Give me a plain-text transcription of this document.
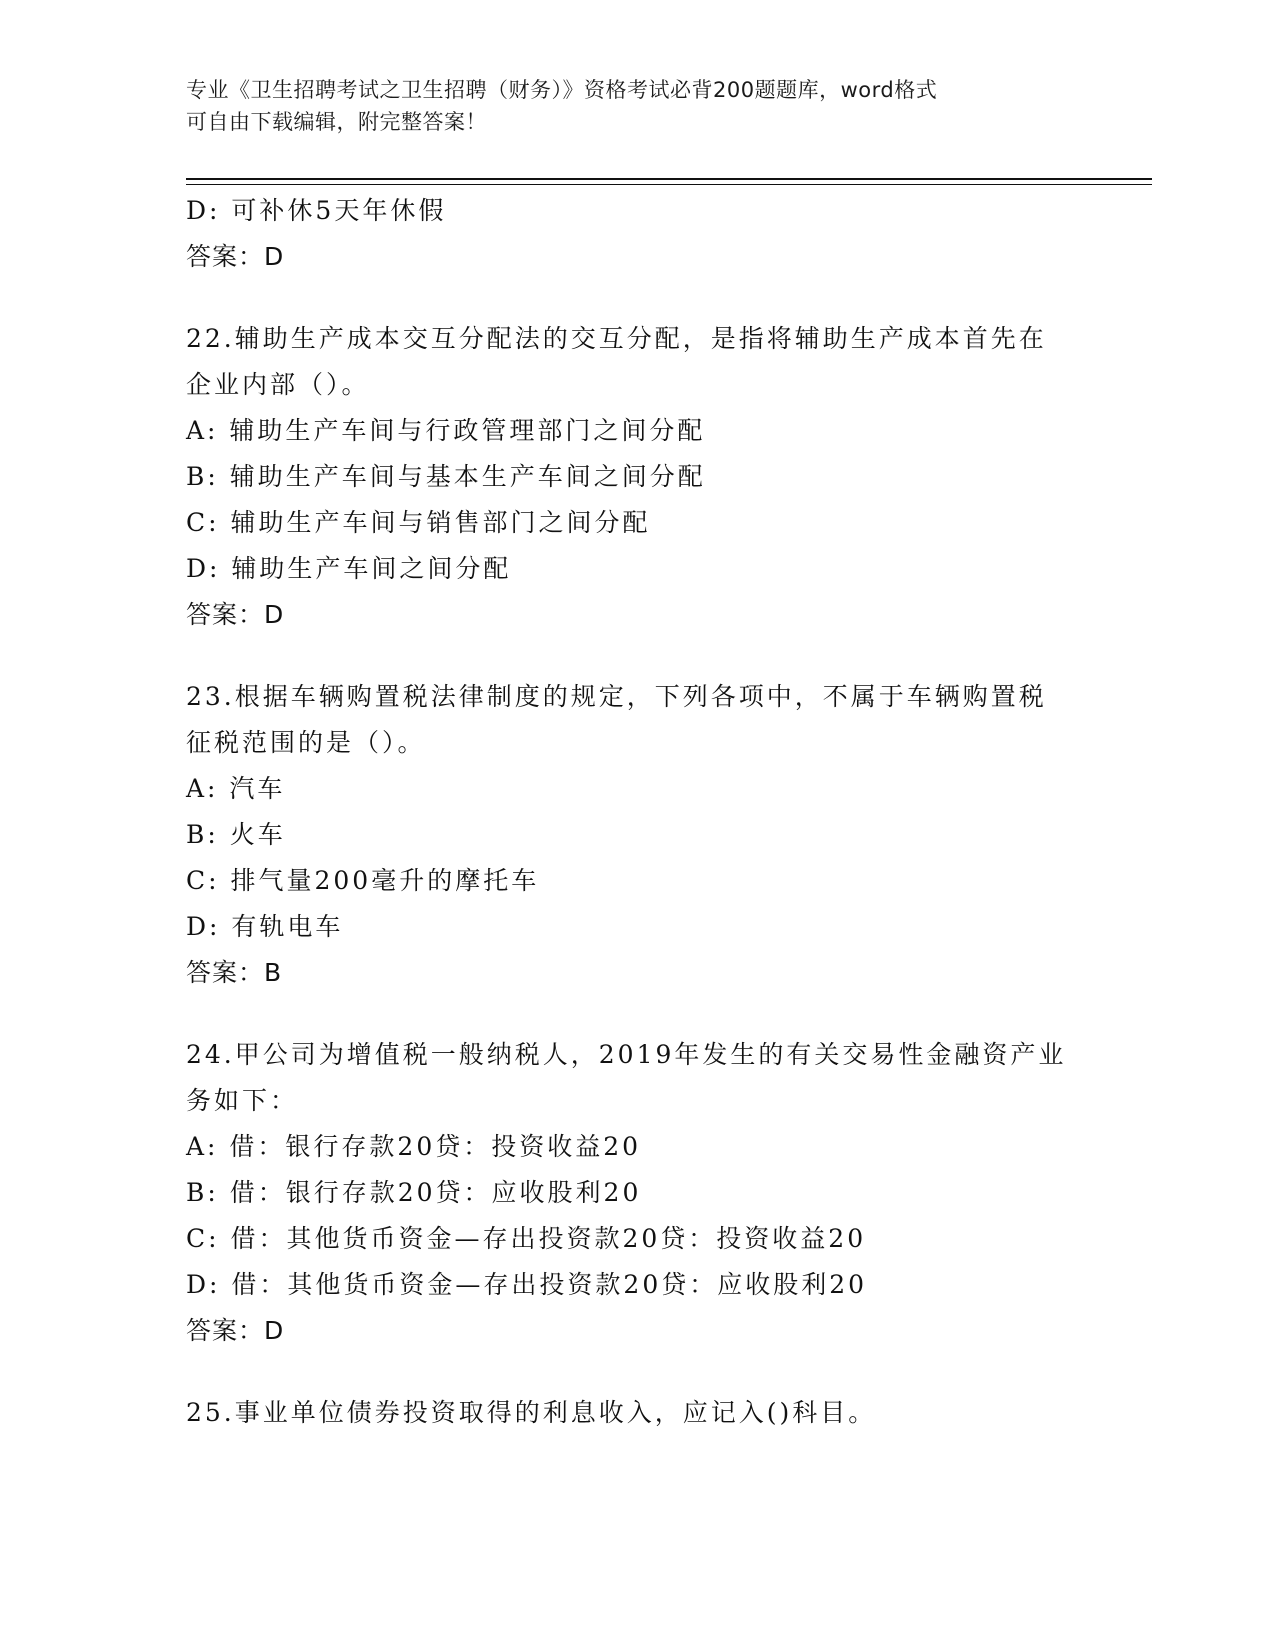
专业《卫生招聘考试之卫生招聘（财务）》资格考试必背200题题库，word格式
可自由下载编辑，附完整答案！
D: 可补休5天年休假
答案：D
22.辅助生产成本交互分配法的交互分配，是指将辅助生产成本首先在
企业内部（）。
A: 辅助生产车间与行政管理部门之间分配
B: 辅助生产车间与基本生产车间之间分配
C: 辅助生产车间与销售部门之间分配
D: 辅助生产车间之间分配
答案：D
23.根据车辆购置税法律制度的规定，下列各项中，不属于车辆购置税
征税范围的是（）。
A: 汽车
B: 火车
C: 排气量200毫升的摩托车
D: 有轨电车
答案：B
24.甲公司为增值税一般纳税人，2019年发生的有关交易性金融资产业
务如下：
A: 借：银行存款20贷：投资收益20
B: 借：银行存款20贷：应收股利20
C: 借：其他货币资金—存出投资款20贷：投资收益20
D: 借：其他货币资金—存出投资款20贷：应收股利20
答案：D
25.事业单位债券投资取得的利息收入，应记入()科目。
